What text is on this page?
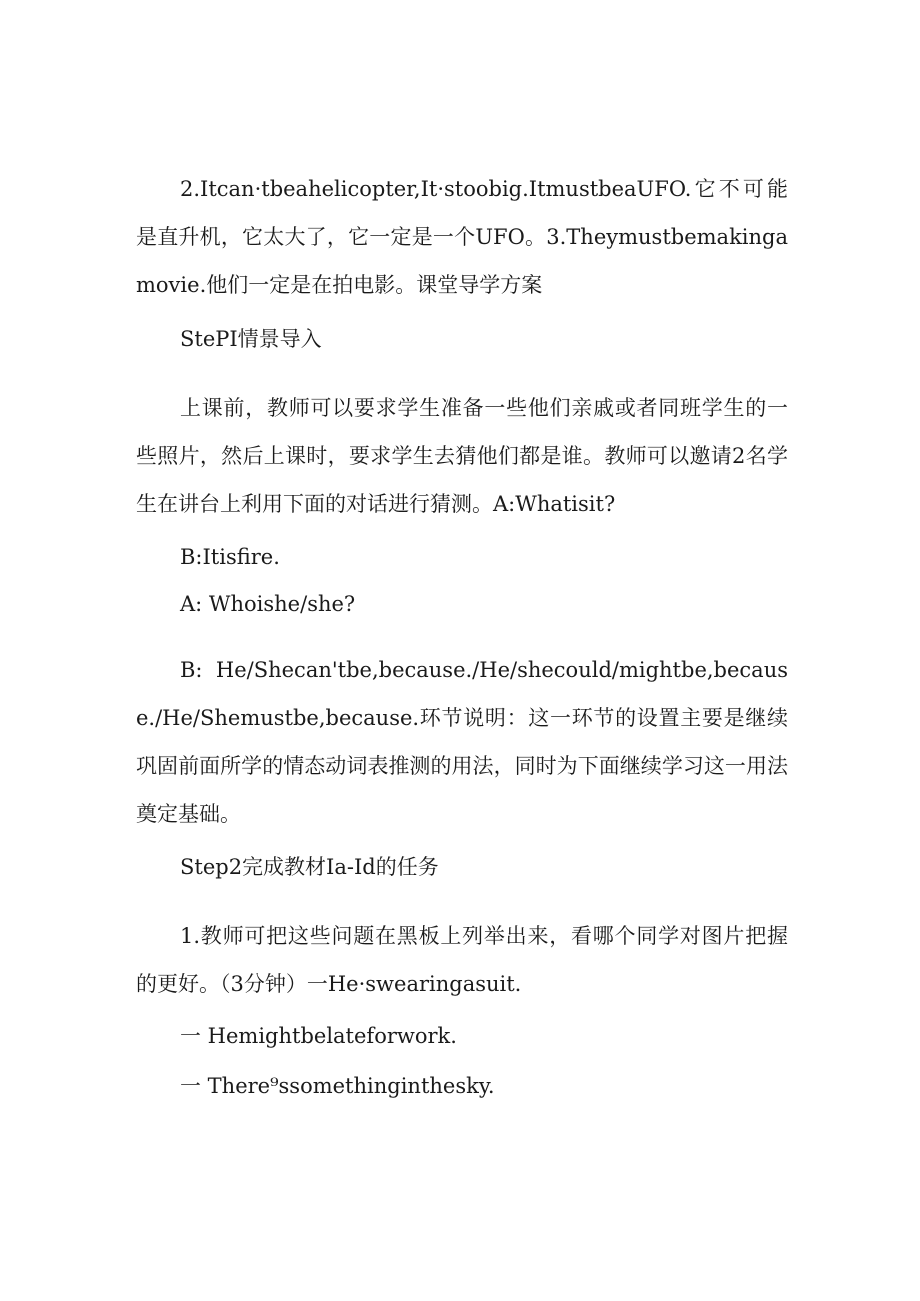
2.Itcan·tbeahelicopter,It·stoobig.ItmustbeaUFO.它不可能是直升机，它太大了，它一定是一个UFO。3.Theymustbemakingamovie.他们一定是在拍电影。课堂导学方案

StePI情景导入

上课前，教师可以要求学生准备一些他们亲戚或者同班学生的一些照片，然后上课时，要求学生去猜他们都是谁。教师可以邀请2名学生在讲台上利用下面的对话进行猜测。A:Whatisit?

B:Itisfire.

A: Whoishe/she?

B: He/Shecan'tbe,because./He/shecould/mightbe,because./He/Shemustbe,because.环节说明：这一环节的设置主要是继续巩固前面所学的情态动词表推测的用法，同时为下面继续学习这一用法奠定基础。

Step2完成教材Ia-Id的任务

1.教师可把这些问题在黑板上列举出来，看哪个同学对图片把握的更好。（3分钟）一He·swearingasuit.

一 Hemightbelateforwork.

一 There⁹ssomethinginthesky.
